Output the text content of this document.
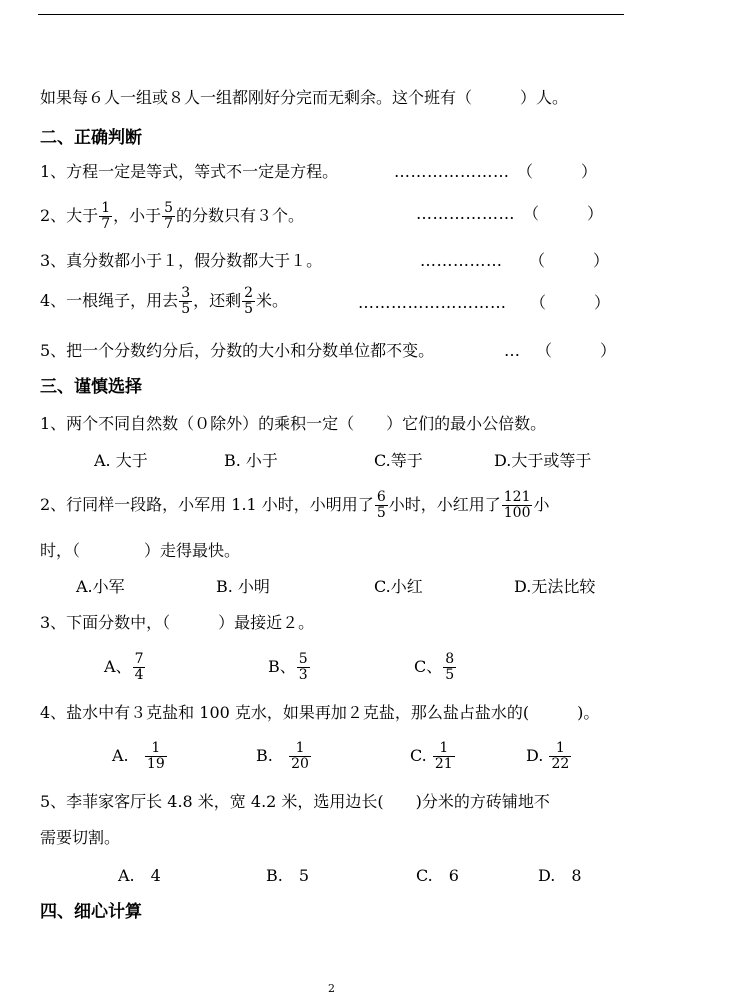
如果每６人一组或８人一组都刚好分完而无剩余。这个班有（　　　）人。
二、正确判断
1、方程一定是等式，等式不一定是方程。	………………… （　　　）
2、大于 $\frac{1}{7}$ ，小于 $\frac{5}{7}$ 的分数只有３个。	……………… （　　　）
3、真分数都小于１，假分数都大于１。	…………… （　　　）
4、一根绳子，用去 $\frac{3}{5}$ ，还剩 $\frac{2}{5}$ 米。	……………………… （　　　）
5、把一个分数约分后，分数的大小和分数单位都不变。	… （　　　）
三、谨慎选择
1、两个不同自然数（０除外）的乘积一定（　　）它们的最小公倍数。
A. 大于	B. 小于	C.等于	D.大于或等于
2、行同样一段路，小军用 1.1 小时，小明用了 $\frac{6}{5}$ 小时，小红用了 $\frac{121}{100}$ 小
时，（　　　　）走得最快。
A.小军	B. 小明	C.小红	D.无法比较
3、下面分数中，（　　　）最接近２。
A、 $\frac{7}{4}$	B、 $\frac{5}{3}$	C、 $\frac{8}{5}$
4、盐水中有３克盐和 100 克水，如果再加２克盐，那么盐占盐水的(　　　)。
A. $\frac{1}{19}$	B. $\frac{1}{20}$	C. $\frac{1}{21}$	D. $\frac{1}{22}$
5、李菲家客厅长 4.8 米，宽 4.2 米，选用边长(　　)分米的方砖铺地不
需要切割。
A.　4	B.　5	C.　6	D.　8
四、细心计算
2
